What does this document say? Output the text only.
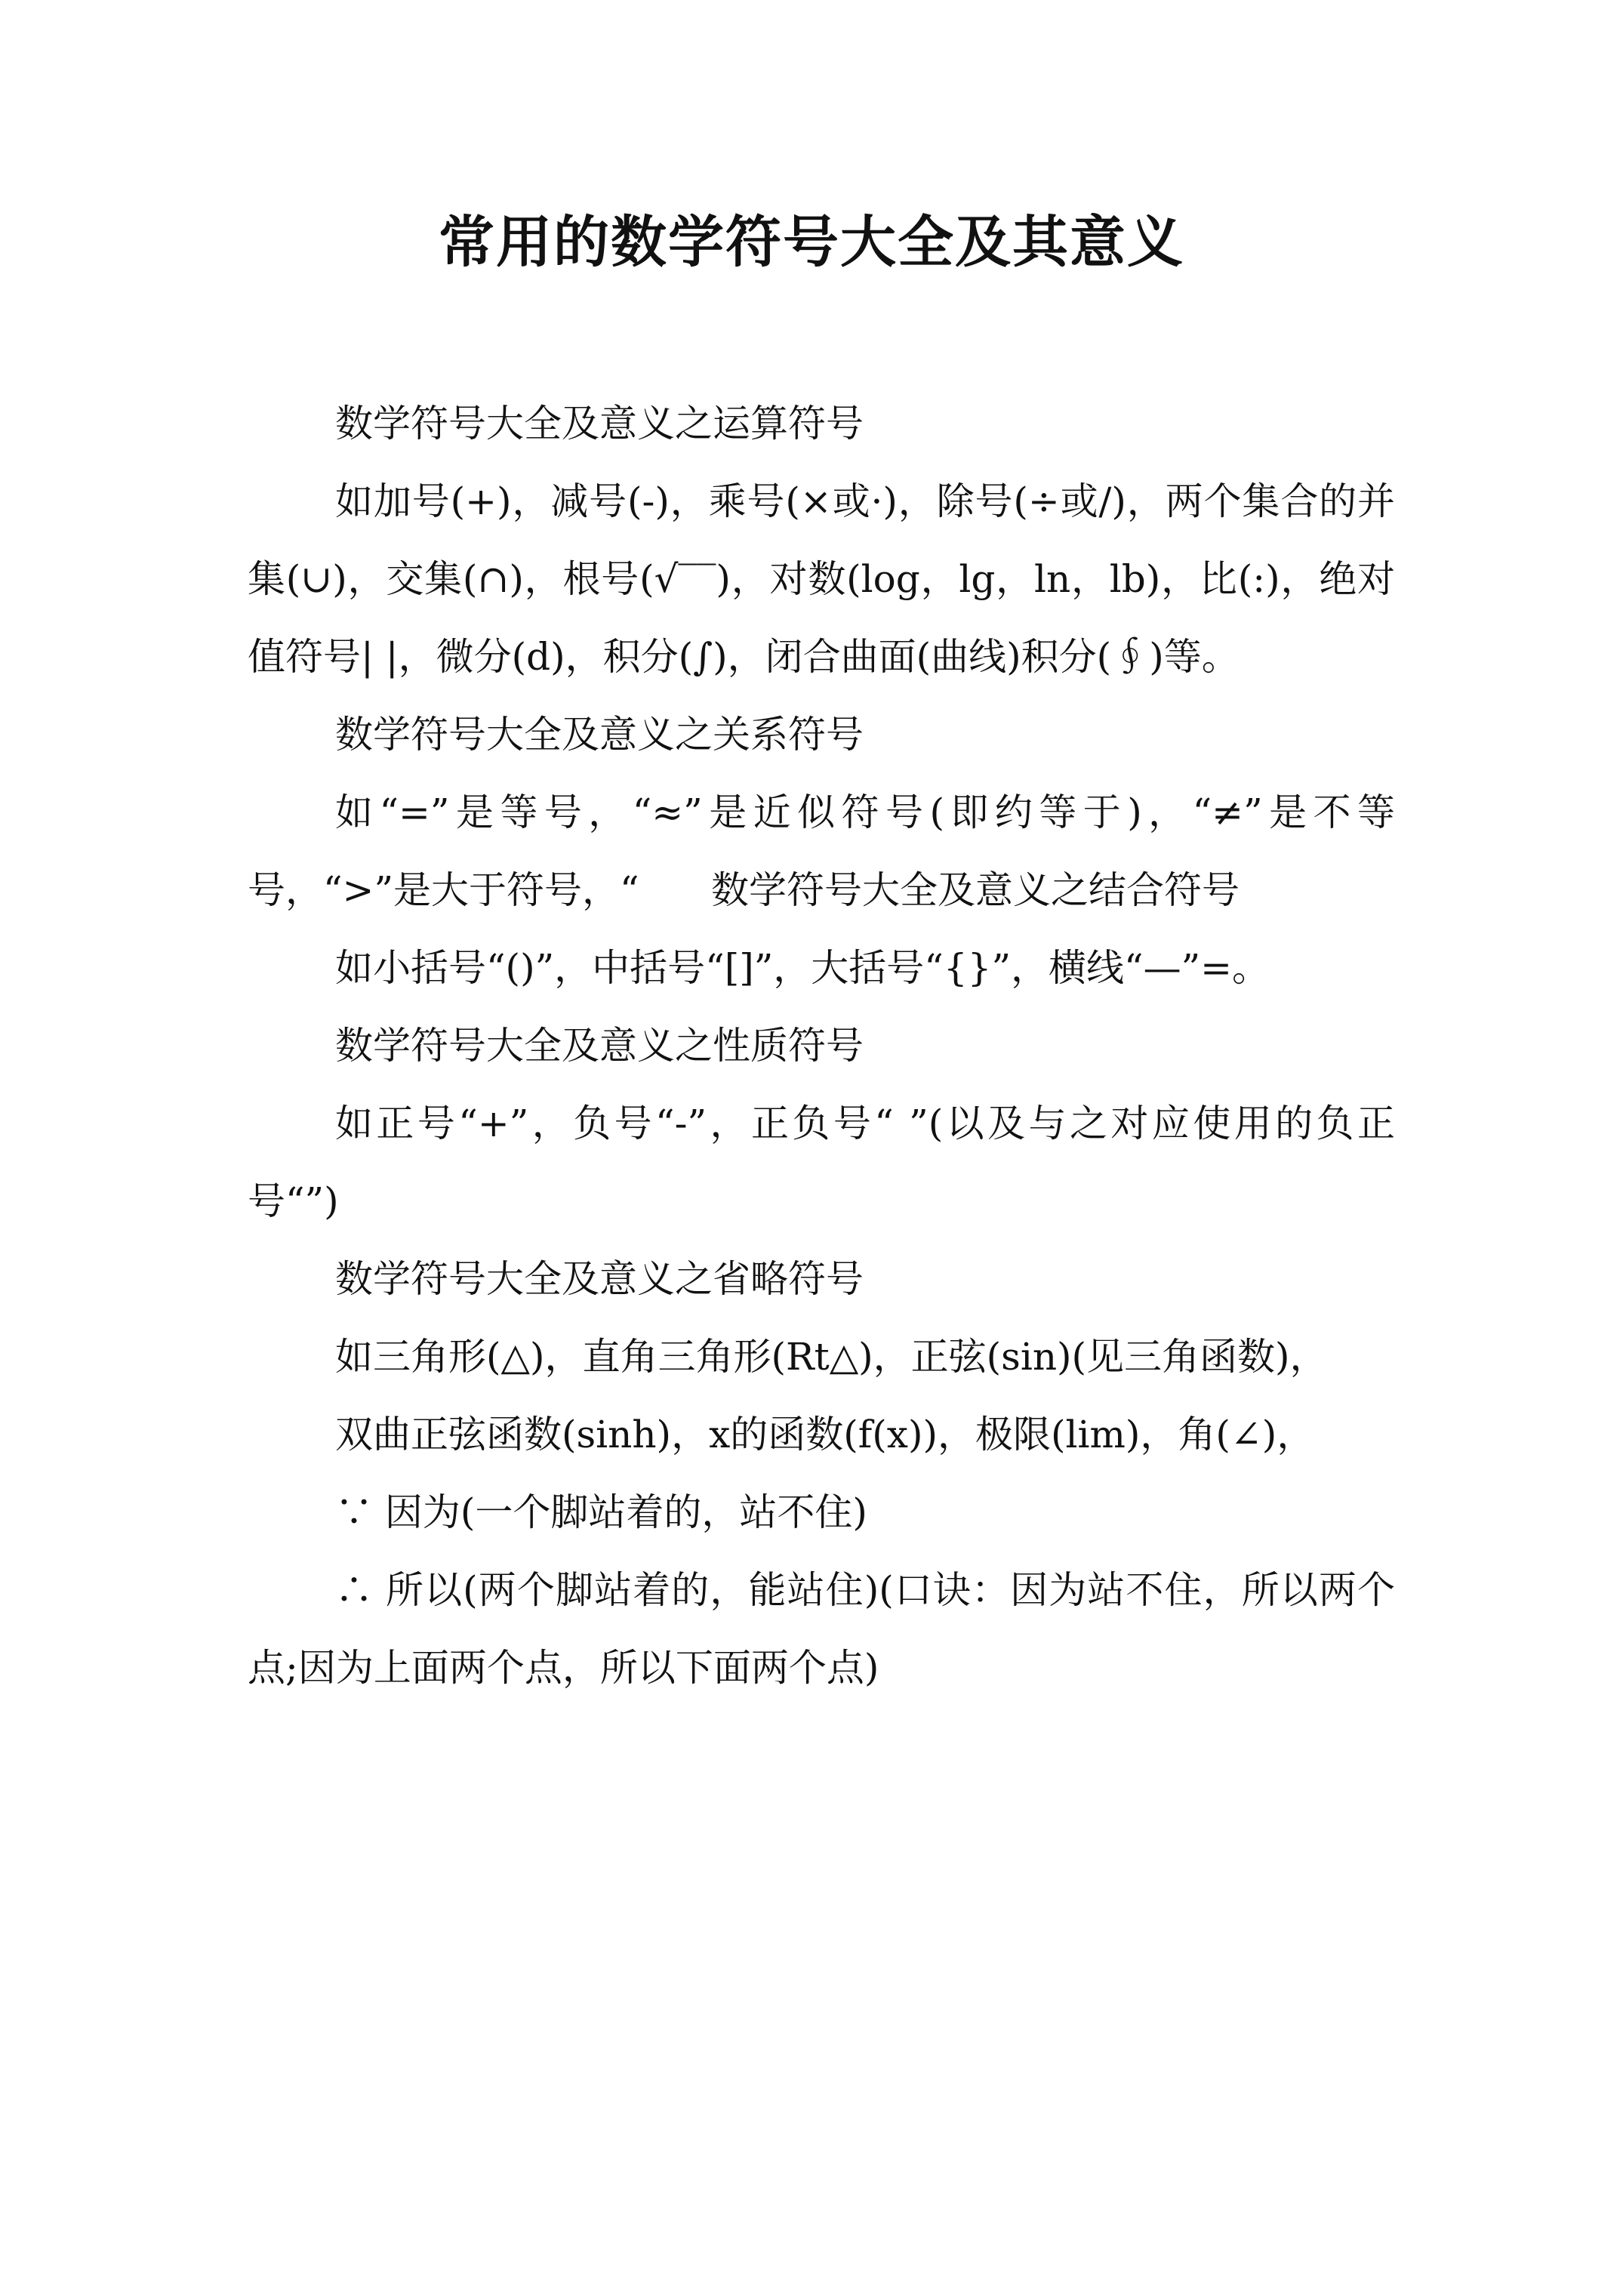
常用的数学符号大全及其意义

数学符号大全及意义之运算符号

如加号(+)，减号(-)，乘号(×或·)，除号(÷或/)，两个集合的并集(∪)，交集(∩)，根号(√‾‾)，对数(log，lg，ln，lb)，比(:)，绝对值符号| |，微分(d)，积分(∫)，闭合曲面(曲线)积分(∮)等。

数学符号大全及意义之关系符号

如“=”是等号，“≈”是近似符号(即约等于)，“≠”是不等号，“>”是大于符号，“      数学符号大全及意义之结合符号

如小括号“()”，中括号“[]”，大括号“{}”，横线“—”=。

数学符号大全及意义之性质符号

如正号“+”，负号“-”，正负号“ ”(以及与之对应使用的负正号“”)

数学符号大全及意义之省略符号

如三角形(△)，直角三角形(Rt△)，正弦(sin)(见三角函数)，

双曲正弦函数(sinh)，x的函数(f(x))，极限(lim)，角(∠)，

∵ 因为(一个脚站着的，站不住)

∴ 所以(两个脚站着的，能站住)(口诀：因为站不住，所以两个点;因为上面两个点，所以下面两个点)
